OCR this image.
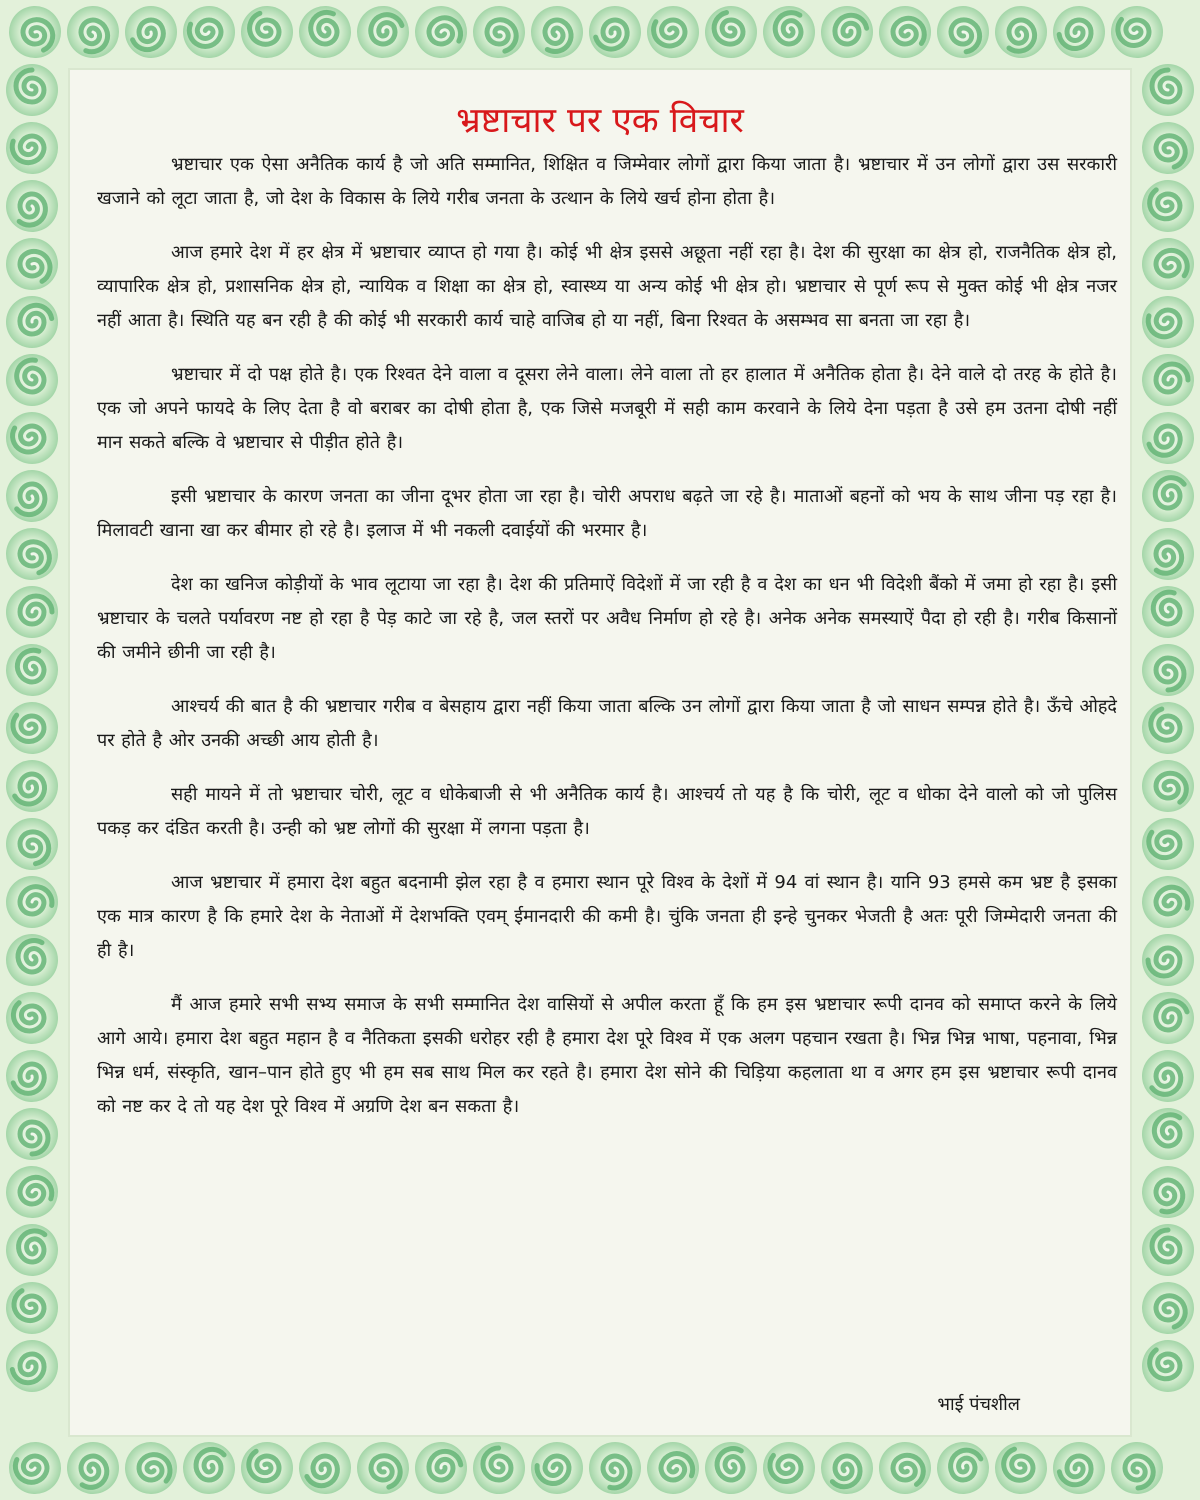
भ्रष्टाचार पर एक विचार

भ्रष्टाचार एक ऐसा अनैतिक कार्य है जो अति सम्मानित, शिक्षित व जिम्मेवार लोगों द्वारा किया जाता है। भ्रष्टाचार में उन लोगों द्वारा उस सरकारी खजाने को लूटा जाता है, जो देश के विकास के लिये गरीब जनता के उत्थान के लिये खर्च होना होता है।

आज हमारे देश में हर क्षेत्र में भ्रष्टाचार व्याप्त हो गया है। कोई भी क्षेत्र इससे अछूता नहीं रहा है। देश की सुरक्षा का क्षेत्र हो, राजनैतिक क्षेत्र हो, व्यापारिक क्षेत्र हो, प्रशासनिक क्षेत्र हो, न्यायिक व शिक्षा का क्षेत्र हो, स्वास्थ्य या अन्य कोई भी क्षेत्र हो। भ्रष्टाचार से पूर्ण रूप से मुक्त कोई भी क्षेत्र नजर नहीं आता है। स्थिति यह बन रही है की कोई भी सरकारी कार्य चाहे वाजिब हो या नहीं, बिना रिश्वत के असम्भव सा बनता जा रहा है।

भ्रष्टाचार में दो पक्ष होते है। एक रिश्वत देने वाला व दूसरा लेने वाला। लेने वाला तो हर हालात में अनैतिक होता है। देने वाले दो तरह के होते है। एक जो अपने फायदे के लिए देता है वो बराबर का दोषी होता है, एक जिसे मजबूरी में सही काम करवाने के लिये देना पड़ता है उसे हम उतना दोषी नहीं मान सकते बल्कि वे भ्रष्टाचार से पीड़ीत होते है।

इसी भ्रष्टाचार के कारण जनता का जीना दूभर होता जा रहा है। चोरी अपराध बढ़ते जा रहे है। माताओं बहनों को भय के साथ जीना पड़ रहा है। मिलावटी खाना खा कर बीमार हो रहे है। इलाज में भी नकली दवाईयों की भरमार है।

देश का खनिज कोड़ीयों के भाव लूटाया जा रहा है। देश की प्रतिमाऐं विदेशों में जा रही है व देश का धन भी विदेशी बैंको में जमा हो रहा है। इसी भ्रष्टाचार के चलते पर्यावरण नष्ट हो रहा है पेड़ काटे जा रहे है, जल स्तरों पर अवैध निर्माण हो रहे है। अनेक अनेक समस्याऐं पैदा हो रही है। गरीब किसानों की जमीने छीनी जा रही है।

आश्चर्य की बात है की भ्रष्टाचार गरीब व बेसहाय द्वारा नहीं किया जाता बल्कि उन लोगों द्वारा किया जाता है जो साधन सम्पन्न होते है। ऊँचे ओहदे पर होते है ओर उनकी अच्छी आय होती है।

सही मायने में तो भ्रष्टाचार चोरी, लूट व धोकेबाजी से भी अनैतिक कार्य है। आश्चर्य तो यह है कि चोरी, लूट व धोका देने वालो को जो पुलिस पकड़ कर दंडित करती है। उन्ही को भ्रष्ट लोगों की सुरक्षा में लगना पड़ता है।

आज भ्रष्टाचार में हमारा देश बहुत बदनामी झेल रहा है व हमारा स्थान पूरे विश्व के देशों में 94 वां स्थान है। यानि 93 हमसे कम भ्रष्ट है इसका एक मात्र कारण है कि हमारे देश के नेताओं में देशभक्ति एवम् ईमानदारी की कमी है। चुंकि जनता ही इन्हे चुनकर भेजती है अतः पूरी जिम्मेदारी जनता की ही है।

मैं आज हमारे सभी सभ्य समाज के सभी सम्मानित देश वासियों से अपील करता हूँ कि हम इस भ्रष्टाचार रूपी दानव को समाप्त करने के लिये आगे आये। हमारा देश बहुत महान है व नैतिकता इसकी धरोहर रही है हमारा देश पूरे विश्व में एक अलग पहचान रखता है। भिन्न भिन्न भाषा, पहनावा, भिन्न भिन्न धर्म, संस्कृति, खान–पान होते हुए भी हम सब साथ मिल कर रहते है। हमारा देश सोने की चिड़िया कहलाता था व अगर हम इस भ्रष्टाचार रूपी दानव को नष्ट कर दे तो यह देश पूरे विश्व में अग्रणि देश बन सकता है।

भाई पंचशील
